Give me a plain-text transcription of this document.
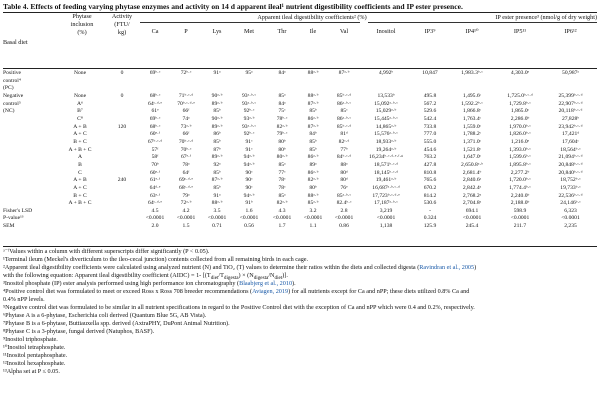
Table 4. Effects of feeding varying phytase enzymes and activity on 14 d apparent ileal¹ nutrient digestibility coefficients and IP ester presence.
Apparent ileal digestibility coefficients² (%)	IP ester presence³ (nmol/g of dry weight)
Basal diet
Phytase
inclusion
(%)
Activity
(FTU/
kg)	Ca	P	Lys	Met	Thr	Ile	Val	Inositol	IP3⁹	IP4¹⁰	IP5¹¹	IP6¹²
Positive	None	0	69ᵇ·ᶜ	72ᵇ·ᶜ	91ᵃ	95ᵃ	84ᵃ	88ᵃ·ᵇ	87ᵃ·ᵇ	4,992ᵇ	10,847	1,983.3ᵇ·ᶜ	4,303.0ᵉ	50,987ᵃ
control⁴														
(PC)														
Negative	None	0	68ᵇ·ᶜ	71ᵇ·ᶜ·ᵈ	90ᵃ·ᵇ	93ᵃ·ᵇ·ᶜ	85ᵃ	88ᵃ·ᵇ	85ᵇ·ᶜ·ᵈ	13,533ᵇ	495.8	1,495.6ᶜ	1,725.0ᵇ·ᶜ·ᵈ	25,399ᵇ·ᶜ·ᵈ
control⁵	A⁶		64ᶜ·ᵈ·ᵉ	70ᵇ·ᶜ·ᵈ·ᵉ	89ᵃ·ᵇ	93ᵃ·ᵇ·ᶜ	84ᵃ	87ᵃ·ᵇ	86ᵃ·ᵇ·ᶜ	15,092ᵃ·ᵇ·ᶜ	567.2	1,592.2ᵇ·ᶜ	1,729.8ᵇ·ᶜ	22,907ᵇ·ᶜ·ᵈ
(NC)	B⁷		61ᵉ	66ᶠ	85ᵇ	92ᵇ·ᶜ	75ᶜ	85ᵇ	85ᶜ	15,029ᵃ·ᵇ	529.6	1,866.8ᶜ	1,865.0ᶜ	20,118ᵇ·ᶜ·ᵈ
	C⁸		69ᵇ·ᶜ	74ᵃ	90ᵃ·ᵇ	93ᵃ·ᵇ	78ᵇ·ᶜ	86ᵃ·ᵇ	86ᵃ·ᵇ·ᶜ	15,445ᵃ·ᵇ·ᶜ	542.4	1,763.4ᶜ	2,286.0ᵇ	27,828ᵇ
	A + B	120	68ᵇ·ᶜ	73ᵃ·ᵇ	89ᵃ·ᵇ	93ᵃ·ᵇ·ᶜ	82ᵃ·ᵇ	87ᵃ·ᵇ	85ᵇ·ᶜ·ᵈ	14,865ᵃ·ᵇ	733.8	1,559.0ᶜ	1,970.0ᵇ·ᶜ	23,942ᵇ·ᶜ·ᵈ
	A + C		60ᵉ·ᶠ	66ᶠ	86ᵇ	92ᵇ·ᶜ	79ᵇ·ᶜ	84ᵇ	81ᵈ	15,576ᵃ·ᵇ·ᶜ	777.0	1,788.2ᶜ	1,826.0ᵇ·ᶜ	17,421ᵈ
	B + C		67ᵇ·ᶜ·ᵈ	70ᵇ·ᶜ·ᵈ	85ᵇ	91ᶜ	80ᵇ	85ᵇ	82ᶜ·ᵈ	18,933ᵃ·ᵇ	555.0	1,371.0ᶜ	1,216.0ᵉ	17,604ᶜ
	A + B + C		57ᶠ	70ᵇ·ᶜ	87ᵇ	91ᶜ	80ᵇ	85ᵇ	77ᵇ	19,264ᵃ·ᵇ	454.6	1,521.8ᶜ	1,393.0ᵇ·ᶜ	18,564ᵇ·ᶜ
	A		58ᶠ	67ᵉ·ᶠ	89ᵃ·ᵇ	94ᵃ·ᵇ	80ᵃ·ᵇ	86ᵃ·ᵇ	84ᵇ·ᶜ·ᵈ	16,234ᵇ·ᶜ·ᵈ·ᵉ·ᶠ·ᵍ	763.2	1,647.0ᶜ	1,599.6ᵇ·ᶜ	21,094ᵇ·ᶜ·ᵈ
	B		70ᵇ	78ᵃ	92ᵃ	94ᵃ·ᵇ	85ᵃ	89ᵃ	88ᵃ	18,571ᵇ·ᶜ·ᵈ	427.8	2,650.8ᵃ·ᵇ	1,895.8ᵇ·ᶜ	20,848ᵇ·ᶜ·ᵈ
	C		60ᵉ·ᶠ	64ᶠ	85ᵇ	90ᶜ	77ᶜ	86ᵃ·ᵇ	80ᵈ	18,145ᵇ·ᶜ·ᵈ	810.8	2,681.4ᵇ	2,277.2ᵇ	20,840ᵇ·ᶜ·ᵈ
	A + B	240	61ᵉ·ᶠ	69ᶜ·ᵈ·ᵉ	87ᵃ·ᵇ	90ᶜ	78ᶜ	82ᵃ·ᵇ	80ᵈ	19,461ᵃ·ᵇ	765.6	2,840.6ᵃ	1,720.0ᵇ·ᶜ	18,752ᵇ·ᶜ
	A + C		64ᵈ·ᵉ	68ᶜ·ᵈ·ᵉ	85ᵇ	90ᶜ	78ᶜ	80ᵇ	76ᵉ	16,687ᵃ·ᵇ·ᶜ·ᵈ	670.2	2,842.4ᵃ	1,774.4ᵇ·ᶜ	19,733ᵇ·ᶜ
	B + C		63ᵉ·ᶠ	79ᵃ	91ᵃ	94ᵃ·ᵇ	85ᵃ	88ᵃ·ᵇ	85ᵃ·ᵇ·ᶜ	17,723ᵇ·ᶜ·ᵈ·ᵉ	814.2	2,768.2ᵃ	2,240.0ᵇ	22,536ᵇ·ᶜ·ᵈ
	A + B + C		64ᶜ·ᵈ·ᵉ	72ᵃ·ᵇ	88ᵃ·ᵇ	91ᵇ	82ᵃ·ᵇ	85ᵃ·ᵇ	82.4ᵇ·ᶜ	17,187ᵃ·ᵇ·ᶜ	530.6	2,704.8ᵃ	2,188.0ᵇ	24,146ᵇ·ᶜ
Fisher's LSD			4.5	4.2	3.5	1.6	4.3	3.2	2.8	3,219	-	694.1	598.9	6,323
P-value¹³			<0.0001	<0.0001	<0.0001	<0.0001	<0.0001	<0.0001	<0.0001	<0.0001	0.324	<0.0001	<0.0001	<0.0001
SEM			2.0	1.5	0.71	0.56	1.7	1.1	0.86	1,138	125.9	245.4	211.7	2,235
ᵃ⁻ᶠValues within a column with different superscripts differ significantly (P < 0.05).
¹Terminal ileum (Meckel's diverticulum to the ileo-cecal junction) contents collected from all remaining birds in each cage.
²Apparent ileal digestibility coefficients were calculated using analyzed nutrient (N) and TiO₂ (T) values to determine their ratios within the diets and collected digesta (Ravindran et al., 2005)
with the following equation: Apparent ileal digestibility coefficient (AIDC) = 1- $[(T_{diet}/T_{digesta}) \times (N_{digesta}/N_{diet})]$.
³Inositol phosphate (IP) ester analysis performed using high performance ion chromatography (Blaabjerg et al., 2010).
⁴Positive control diet was formulated to meet or exceed Ross x Ross 708 breeder recommendations (Aviagen, 2019) for all nutrients except for Ca and nPP; these diets utilized 0.8% Ca and
0.4% nPP levels.
⁵Negative control diet was formulated to be similar in all nutrient specifications in regard to the Positive Control diet with the exception of Ca and nPP which were 0.4 and 0.2%, respectively.
⁶Phytase A is a 6-phytase, Escherichia coli derived (Quantum Blue 5G, AB Vista).
⁷Phytase B is a 6-phytase, Buttiauxella spp. derived (AxtraPHY, DuPont Animal Nutrition).
⁸Phytase C is a 3-phytase, fungal derived (Natuphos, BASF).
⁹Inositol triphosphate.
¹⁰Inositol tetraphosphate.
¹¹Inositol pentaphosphate.
¹²Inositol hexaphosphate.
¹³Alpha set at P ≤ 0.05.
